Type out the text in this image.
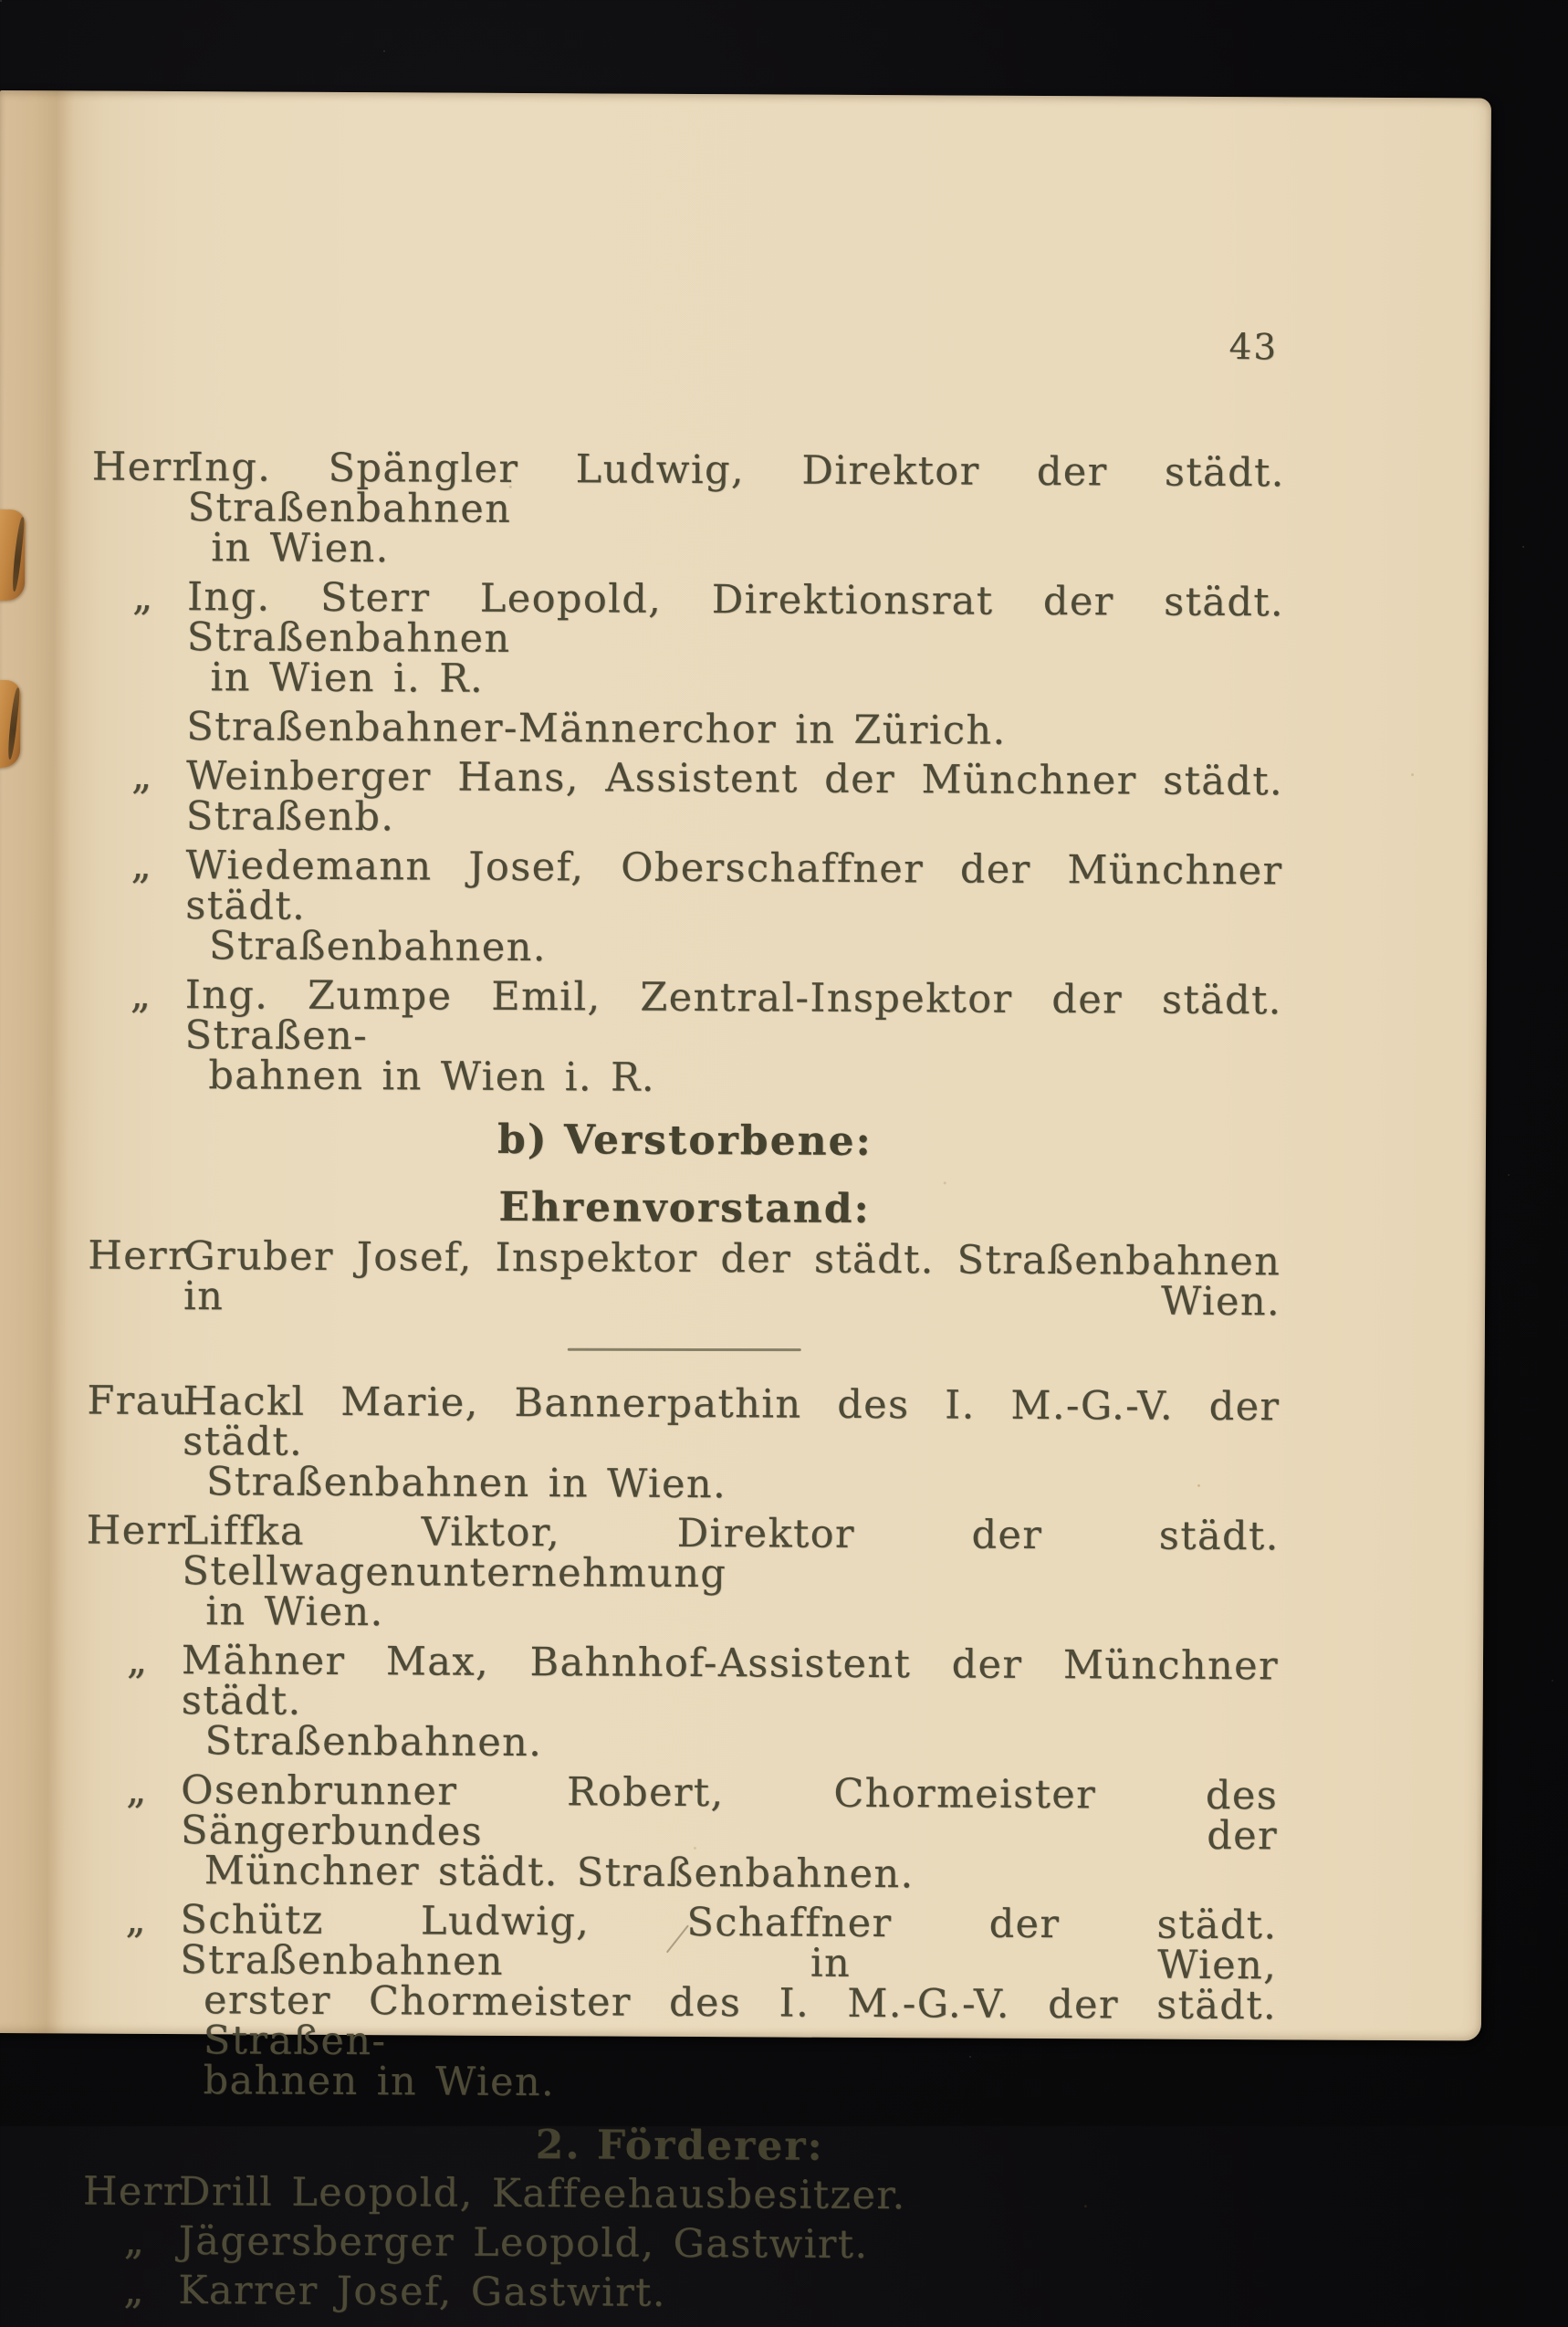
43
Herr
Ing. Spängler Ludwig, Direktor der städt. Straßenbahnen
in Wien.
„ Ing. Sterr Leopold, Direktionsrat der städt. Straßenbahnen
in Wien i. R.
Straßenbahner-Männerchor in Zürich.
„ Weinberger Hans, Assistent der Münchner städt. Straßenb.
„ Wiedemann Josef, Oberschaffner der Münchner städt.
Straßenbahnen.
„ Ing. Zumpe Emil, Zentral-Inspektor der städt. Straßen-
bahnen in Wien i. R.
b) Verstorbene:
Ehrenvorstand:
Herr
Gruber Josef, Inspektor der städt. Straßenbahnen in Wien.
Frau
Hackl Marie, Bannerpathin des I. M.-G.-V. der städt.
Straßenbahnen in Wien.
Herr
Liffka Viktor, Direktor der städt. Stellwagenunternehmung
in Wien.
„ Mähner Max, Bahnhof-Assistent der Münchner städt.
Straßenbahnen.
„ Osenbrunner Robert, Chormeister des Sängerbundes der
Münchner städt. Straßenbahnen.
„ Schütz Ludwig, Schaffner der städt. Straßenbahnen in Wien,
erster Chormeister des I. M.-G.-V. der städt. Straßen-
bahnen in Wien.
2. Förderer:
Herr
Drill Leopold, Kaffeehausbesitzer.
„ Jägersberger Leopold, Gastwirt.
„ Karrer Josef, Gastwirt.
